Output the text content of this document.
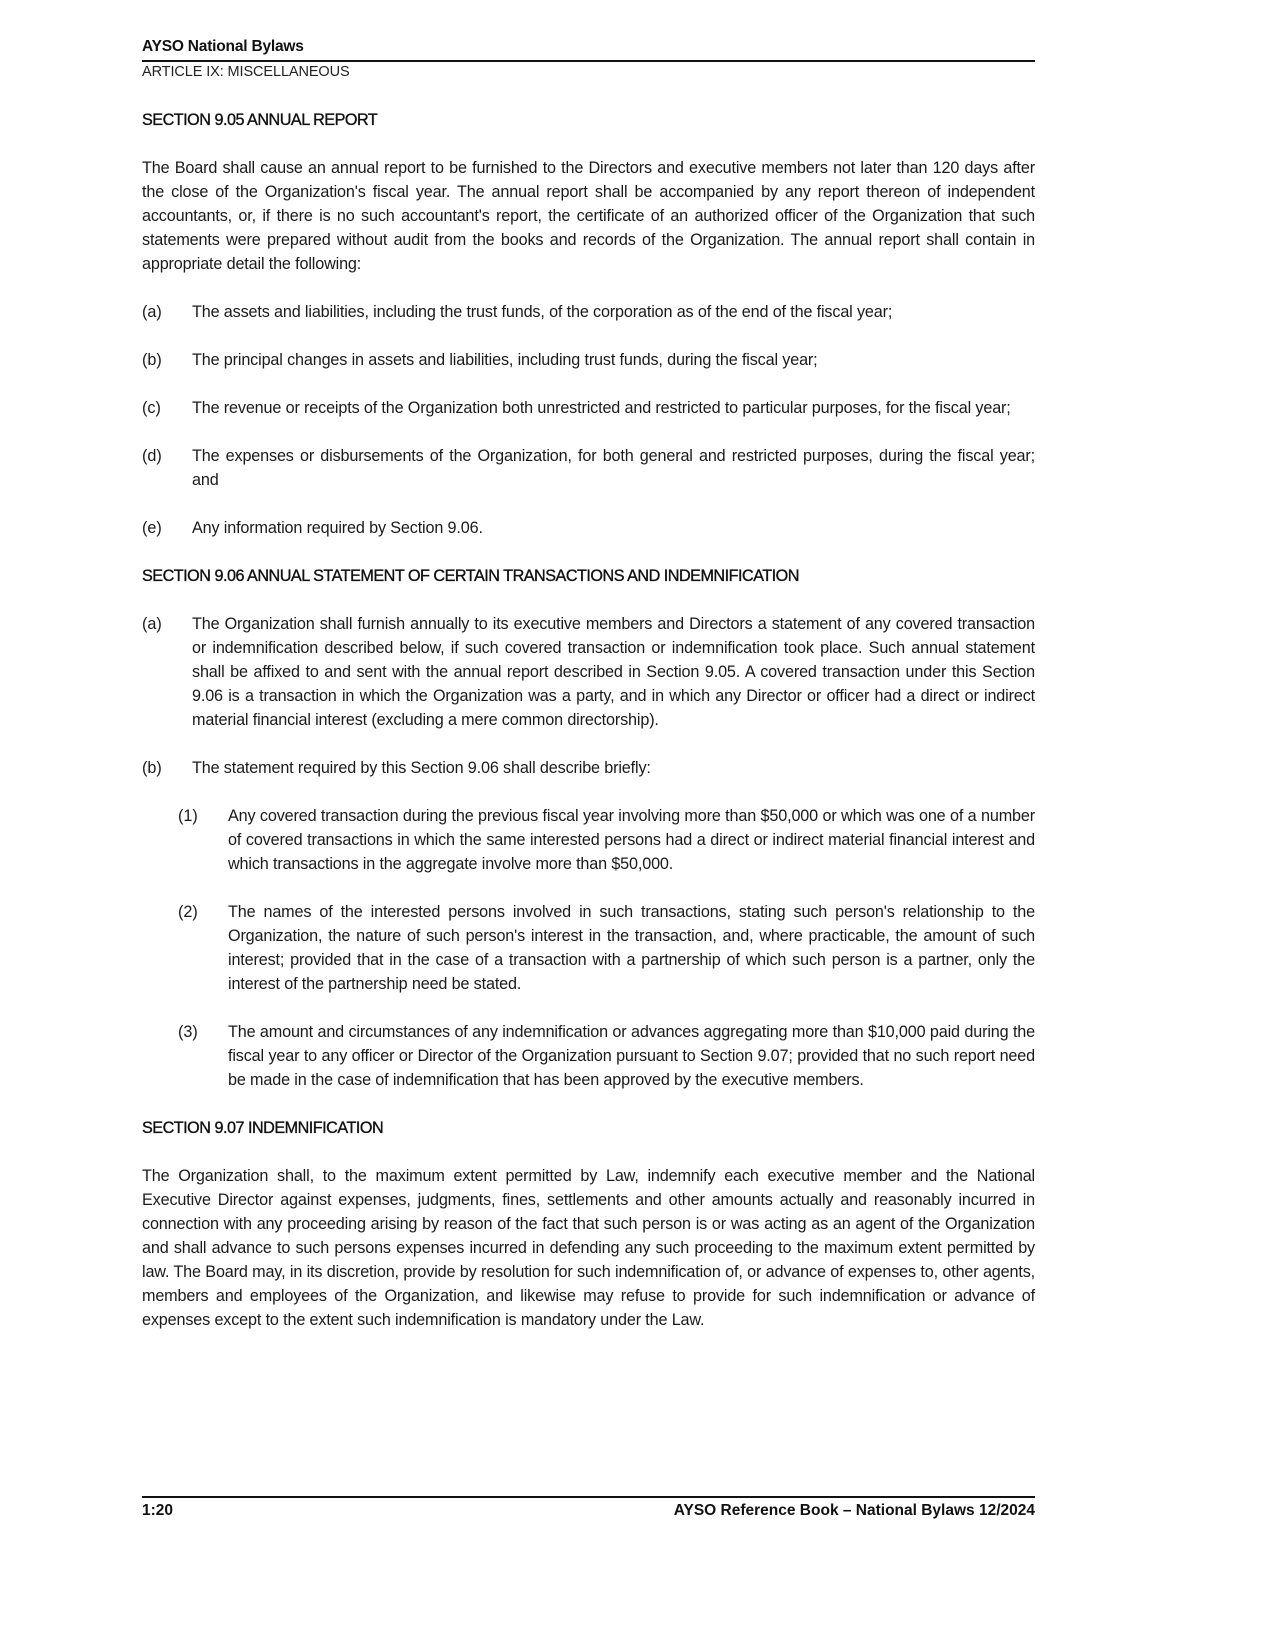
AYSO National Bylaws
ARTICLE IX: MISCELLANEOUS
SECTION 9.05 ANNUAL REPORT

The Board shall cause an annual report to be furnished to the Directors and executive members not later than 120 days after the close of the Organization's fiscal year. The annual report shall be accompanied by any report thereon of independent accountants, or, if there is no such accountant's report, the certificate of an authorized officer of the Organization that such statements were prepared without audit from the books and records of the Organization. The annual report shall contain in appropriate detail the following:

(a)	The assets and liabilities, including the trust funds, of the corporation as of the end of the fiscal year;
(b)	The principal changes in assets and liabilities, including trust funds, during the fiscal year;
(c)	The revenue or receipts of the Organization both unrestricted and restricted to particular purposes, for the fiscal year;
(d)	The expenses or disbursements of the Organization, for both general and restricted purposes, during the fiscal year; and
(e)	Any information required by Section 9.06.
SECTION 9.06 ANNUAL STATEMENT OF CERTAIN TRANSACTIONS AND INDEMNIFICATION
(a)	The Organization shall furnish annually to its executive members and Directors a statement of any covered transaction or indemnification described below, if such covered transaction or indemnification took place. Such annual statement shall be affixed to and sent with the annual report described in Section 9.05. A covered transaction under this Section 9.06 is a transaction in which the Organization was a party, and in which any Director or officer had a direct or indirect material financial interest (excluding a mere common directorship).
(b)	The statement required by this Section 9.06 shall describe briefly:
(1)	Any covered transaction during the previous fiscal year involving more than $50,000 or which was one of a number of covered transactions in which the same interested persons had a direct or indirect material financial interest and which transactions in the aggregate involve more than $50,000.
(2)	The names of the interested persons involved in such transactions, stating such person's relationship to the Organization, the nature of such person's interest in the transaction, and, where practicable, the amount of such interest; provided that in the case of a transaction with a partnership of which such person is a partner, only the interest of the partnership need be stated.
(3)	The amount and circumstances of any indemnification or advances aggregating more than $10,000 paid during the fiscal year to any officer or Director of the Organization pursuant to Section 9.07; provided that no such report need be made in the case of indemnification that has been approved by the executive members.
SECTION 9.07 INDEMNIFICATION

The Organization shall, to the maximum extent permitted by Law, indemnify each executive member and the National Executive Director against expenses, judgments, fines, settlements and other amounts actually and reasonably incurred in connection with any proceeding arising by reason of the fact that such person is or was acting as an agent of the Organization and shall advance to such persons expenses incurred in defending any such proceeding to the maximum extent permitted by law. The Board may, in its discretion, provide by resolution for such indemnification of, or advance of expenses to, other agents, members and employees of the Organization, and likewise may refuse to provide for such indemnification or advance of expenses except to the extent such indemnification is mandatory under the Law.

1:20	AYSO Reference Book – National Bylaws 12/2024
